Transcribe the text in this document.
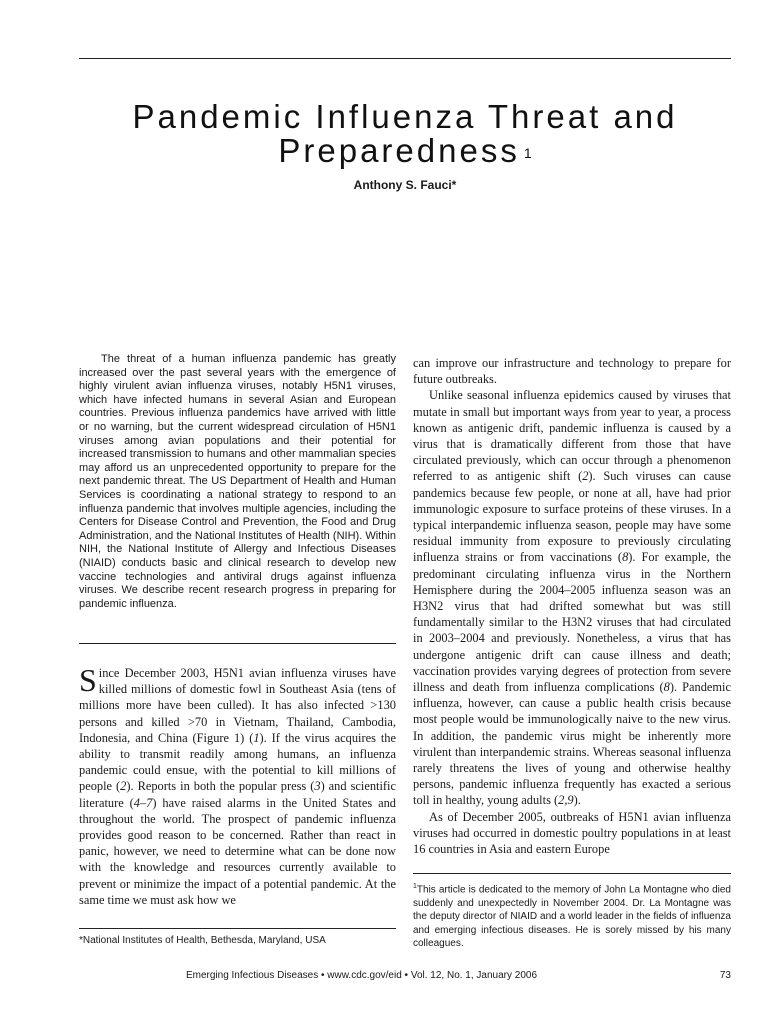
Pandemic Influenza Threat and Preparedness $^1$
Anthony S. Fauci*

The threat of a human influenza pandemic has greatly increased over the past several years with the emergence of highly virulent avian influenza viruses, notably H5N1 viruses, which have infected humans in several Asian and European countries. Previous influenza pandemics have arrived with little or no warning, but the current widespread circulation of H5N1 viruses among avian populations and their potential for increased transmission to humans and other mammalian species may afford us an unprecedented opportunity to prepare for the next pandemic threat. The US Department of Health and Human Services is coordinating a national strategy to respond to an influenza pandemic that involves multiple agencies, including the Centers for Disease Control and Prevention, the Food and Drug Administration, and the National Institutes of Health (NIH). Within NIH, the National Institute of Allergy and Infectious Diseases (NIAID) conducts basic and clinical research to develop new vaccine technologies and antiviral drugs against influenza viruses. We describe recent research progress in preparing for pandemic influenza.

Since December 2003, H5N1 avian influenza viruses have killed millions of domestic fowl in Southeast Asia (tens of millions more have been culled). It has also infected >130 persons and killed >70 in Vietnam, Thailand, Cambodia, Indonesia, and China (Figure 1) (1). If the virus acquires the ability to transmit readily among humans, an influenza pandemic could ensue, with the potential to kill millions of people (2). Reports in both the popular press (3) and scientific literature (4–7) have raised alarms in the United States and throughout the world. The prospect of pandemic influenza provides good reason to be concerned. Rather than react in panic, however, we need to determine what can be done now with the knowledge and resources currently available to prevent or minimize the impact of a potential pandemic. At the same time we must ask how we

*National Institutes of Health, Bethesda, Maryland, USA

can improve our infrastructure and technology to prepare for future outbreaks.

Unlike seasonal influenza epidemics caused by viruses that mutate in small but important ways from year to year, a process known as antigenic drift, pandemic influenza is caused by a virus that is dramatically different from those that have circulated previously, which can occur through a phenomenon referred to as antigenic shift (2). Such viruses can cause pandemics because few people, or none at all, have had prior immunologic exposure to surface proteins of these viruses. In a typical interpandemic influenza season, people may have some residual immunity from exposure to previously circulating influenza strains or from vaccinations (8). For example, the predominant circulating influenza virus in the Northern Hemisphere during the 2004–2005 influenza season was an H3N2 virus that had drifted somewhat but was still fundamentally similar to the H3N2 viruses that had circulated in 2003–2004 and previously. Nonetheless, a virus that has undergone antigenic drift can cause illness and death; vaccination provides varying degrees of protection from severe illness and death from influenza complications (8). Pandemic influenza, however, can cause a public health crisis because most people would be immunologically naive to the new virus. In addition, the pandemic virus might be inherently more virulent than interpandemic strains. Whereas seasonal influenza rarely threatens the lives of young and otherwise healthy persons, pandemic influenza frequently has exacted a serious toll in healthy, young adults (2,9).

As of December 2005, outbreaks of H5N1 avian influenza viruses had occurred in domestic poultry populations in at least 16 countries in Asia and eastern Europe

$^1$This article is dedicated to the memory of John La Montagne who died suddenly and unexpectedly in November 2004. Dr. La Montagne was the deputy director of NIAID and a world leader in the fields of influenza and emerging infectious diseases. He is sorely missed by his many colleagues.
Emerging Infectious Diseases • www.cdc.gov/eid • Vol. 12, No. 1, January 2006	73
